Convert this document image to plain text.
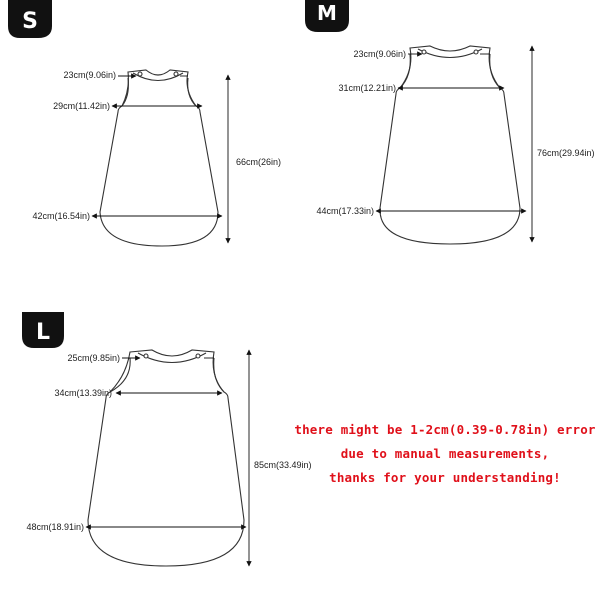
S
23cm(9.06in)
29cm(11.42in)
42cm(16.54in)
66cm(26in)
M
23cm(9.06in)
31cm(12.21in)
44cm(17.33in)
76cm(29.94in)
L
25cm(9.85in)
34cm(13.39in)
48cm(18.91in)
85cm(33.49in)
there might be 1-2cm(0.39-0.78in) error
due to manual measurements,
thanks for your understanding!
